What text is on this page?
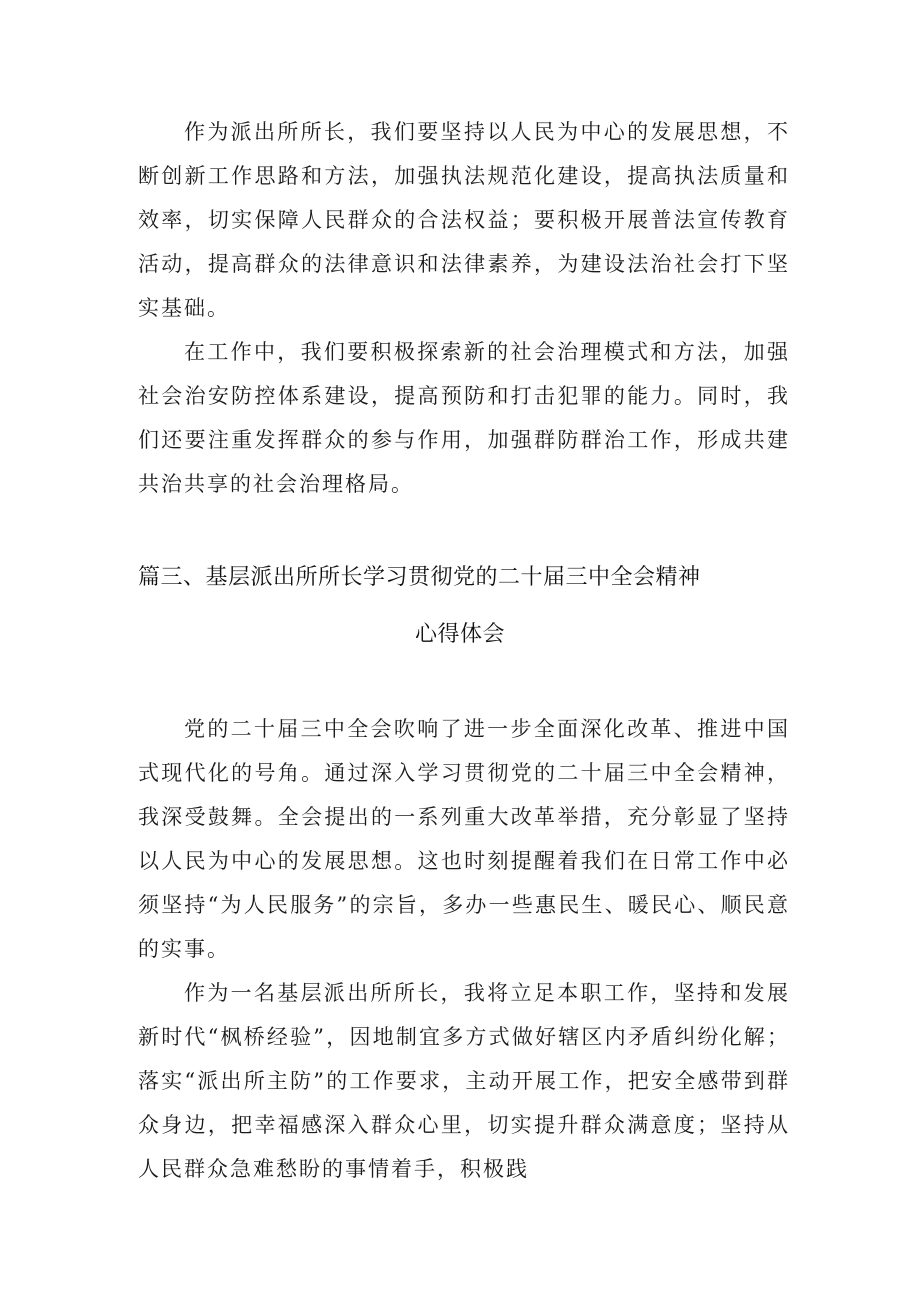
作为派出所所长，我们要坚持以人民为中心的发展思想，不断创新工作思路和方法，加强执法规范化建设，提高执法质量和效率，切实保障人民群众的合法权益；要积极开展普法宣传教育活动，提高群众的法律意识和法律素养，为建设法治社会打下坚实基础。

在工作中，我们要积极探索新的社会治理模式和方法，加强社会治安防控体系建设，提高预防和打击犯罪的能力。同时，我们还要注重发挥群众的参与作用，加强群防群治工作，形成共建共治共享的社会治理格局。

篇三、基层派出所所长学习贯彻党的二十届三中全会精神
心得体会

党的二十届三中全会吹响了进一步全面深化改革、推进中国式现代化的号角。通过深入学习贯彻党的二十届三中全会精神，我深受鼓舞。全会提出的一系列重大改革举措，充分彰显了坚持以人民为中心的发展思想。这也时刻提醒着我们在日常工作中必须坚持“为人民服务”的宗旨，多办一些惠民生、暖民心、顺民意的实事。

作为一名基层派出所所长，我将立足本职工作，坚持和发展新时代“枫桥经验”，因地制宜多方式做好辖区内矛盾纠纷化解；落实“派出所主防”的工作要求，主动开展工作，把安全感带到群众身边，把幸福感深入群众心里，切实提升群众满意度；坚持从人民群众急难愁盼的事情着手，积极践
